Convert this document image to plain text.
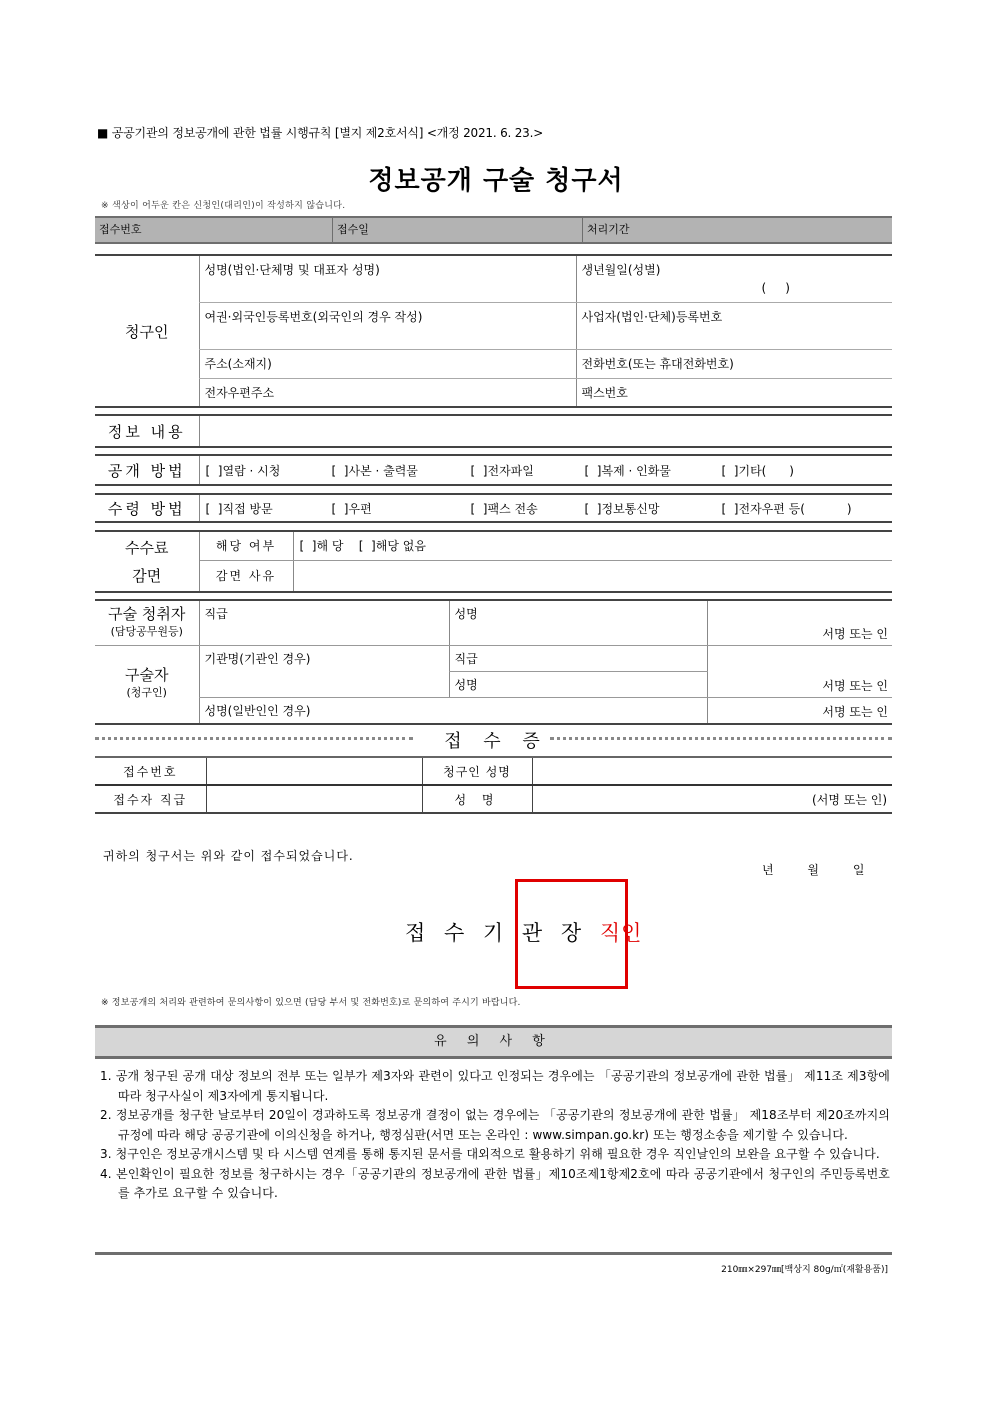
■ 공공기관의 정보공개에 관한 법률 시행규칙 [별지 제2호서식] <개정 2021. 6. 23.>
정보공개 구술 청구서
※ 색상이 어두운 칸은 신청인(대리인)이 작성하지 않습니다.
접수번호	접수일	처리기간
청구인	성명(법인·단체명 및 대표자 성명)	생년월일(성별)
(     )

	여권·외국인등록번호(외국인의 경우 작성)	사업자(법인·단체)등록번호
	주소(소재지)	전화번호(또는 휴대전화번호)
	전자우편주소	팩스번호
정보 내용	
공개 방법	[  ]열람 · 시청	[  ]사본 · 출력물	[  ]전자파일	[  ]복제 · 인화물	[  ]기타(      )
수령 방법	[  ]직접 방문	[  ]우편	[  ]팩스 전송	[  ]정보통신망	[  ]전자우편 등(           )
수수료
감면	해당 여부	[  ]해 당    [  ]해당 없음
	감면 사유	
구술 청취자
(담당공무원등)	직급	성명	서명 또는 인

구술자
(청구인)	기관명(기관인 경우)	직급	서명 또는 인
		성명	
	성명(일반인인 경우)		서명 또는 인
접 수 증
접수번호		청구인 성명	
접수자 직급		성 명	(서명 또는 인)
귀하의 청구서는 위와 같이 접수되었습니다.
년 월 일
접 수 기 관 장 직인
※ 정보공개의 처리와 관련하여 문의사항이 있으면 (담당 부서 및 전화번호)로 문의하여 주시기 바랍니다.
유 의 사 항

1. 공개 청구된 공개 대상 정보의 전부 또는 일부가 제3자와 관련이 있다고 인정되는 경우에는 「공공기관의 정보공개에 관한 법률」 제11조 제3항에 따라 청구사실이 제3자에게 통지됩니다.

2. 정보공개를 청구한 날로부터 20일이 경과하도록 정보공개 결정이 없는 경우에는 「공공기관의 정보공개에 관한 법률」 제18조부터 제20조까지의 규정에 따라 해당 공공기관에 이의신청을 하거나, 행정심판(서면 또는 온라인 : www.simpan.go.kr) 또는 행정소송을 제기할 수 있습니다.

3. 청구인은 정보공개시스템 및 타 시스템 연계를 통해 통지된 문서를 대외적으로 활용하기 위해 필요한 경우 직인날인의 보완을 요구할 수 있습니다.

4. 본인확인이 필요한 정보를 청구하시는 경우「공공기관의 정보공개에 관한 법률」제10조제1항제2호에 따라 공공기관에서 청구인의 주민등록번호를 추가로 요구할 수 있습니다.

210㎜×297㎜[백상지 80g/㎡(재활용품)]
